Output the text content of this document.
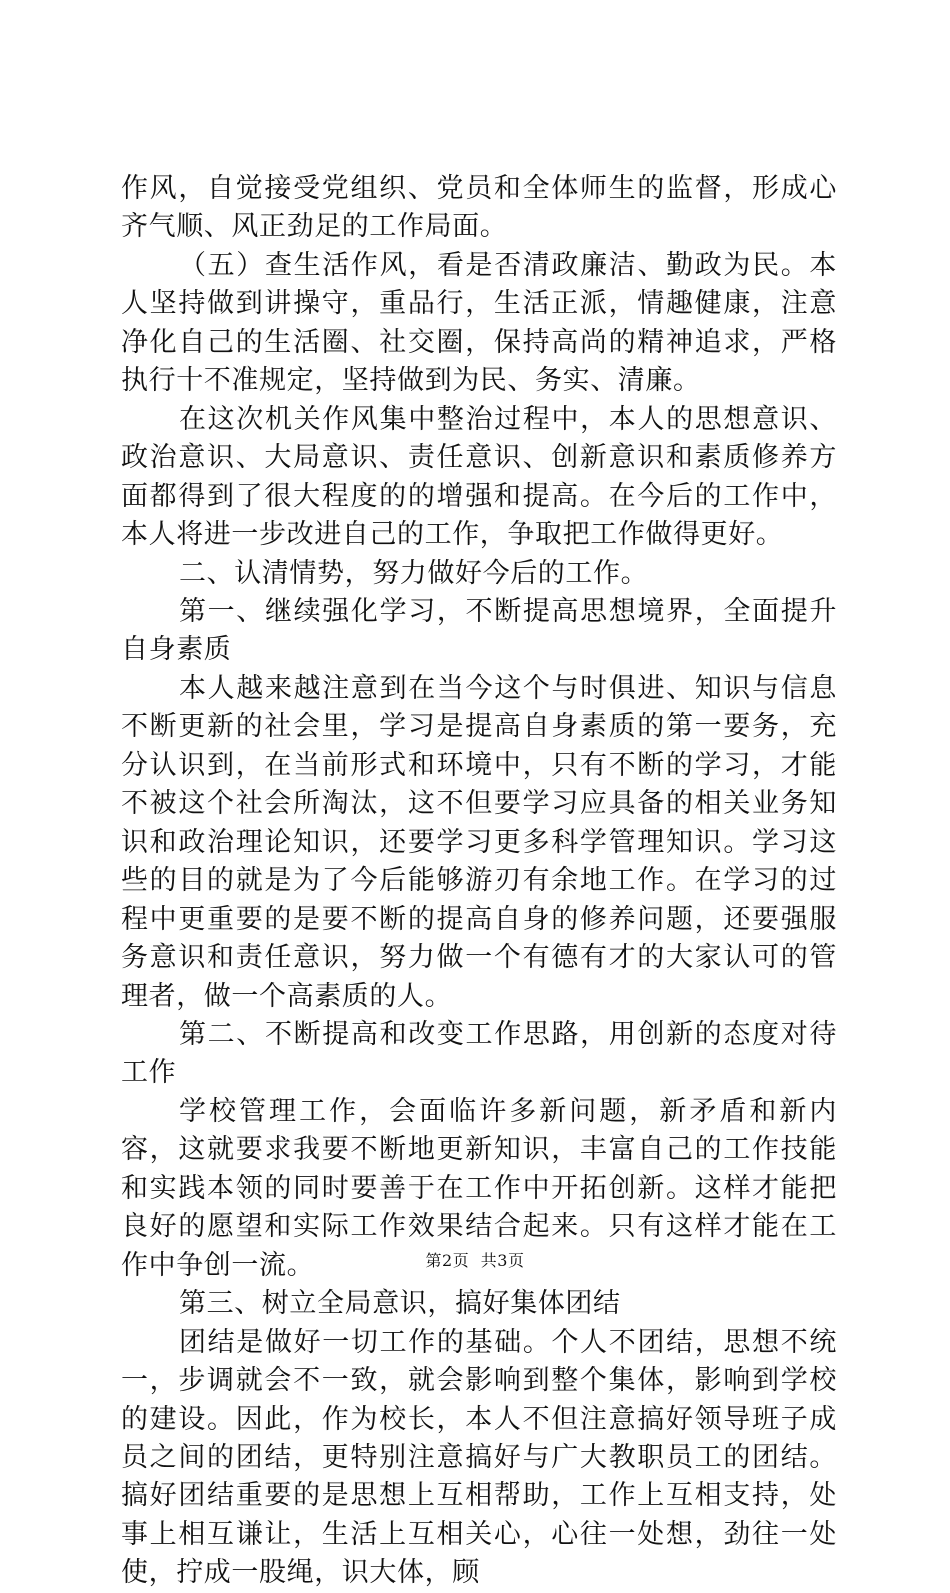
作风，自觉接受党组织、党员和全体师生的监督，形成心齐气顺、风正劲足的工作局面。

（五）查生活作风，看是否清政廉洁、勤政为民。本人坚持做到讲操守，重品行，生活正派，情趣健康，注意净化自己的生活圈、社交圈，保持高尚的精神追求，严格执行十不准规定，坚持做到为民、务实、清廉。

在这次机关作风集中整治过程中，本人的思想意识、政治意识、大局意识、责任意识、创新意识和素质修养方面都得到了很大程度的的增强和提高。在今后的工作中，本人将进一步改进自己的工作，争取把工作做得更好。

二、认清情势，努力做好今后的工作。

第一、继续强化学习，不断提高思想境界，全面提升自身素质

本人越来越注意到在当今这个与时俱进、知识与信息不断更新的社会里，学习是提高自身素质的第一要务，充分认识到，在当前形式和环境中，只有不断的学习，才能不被这个社会所淘汰，这不但要学习应具备的相关业务知识和政治理论知识，还要学习更多科学管理知识。学习这些的目的就是为了今后能够游刃有余地工作。在学习的过程中更重要的是要不断的提高自身的修养问题，还要强服务意识和责任意识，努力做一个有德有才的大家认可的管理者，做一个高素质的人。

第二、不断提高和改变工作思路，用创新的态度对待工作

学校管理工作，会面临许多新问题，新矛盾和新内容，这就要求我要不断地更新知识，丰富自己的工作技能和实践本领的同时要善于在工作中开拓创新。这样才能把良好的愿望和实际工作效果结合起来。只有这样才能在工作中争创一流。

第三、树立全局意识，搞好集体团结

团结是做好一切工作的基础。个人不团结，思想不统一，步调就会不一致，就会影响到整个集体，影响到学校的建设。因此，作为校长，本人不但注意搞好领导班子成员之间的团结，更特别注意搞好与广大教职员工的团结。搞好团结重要的是思想上互相帮助，工作上互相支持，处事上相互谦让，生活上互相关心，心往一处想，劲往一处使，拧成一股绳，识大体，顾

第2页 共3页
